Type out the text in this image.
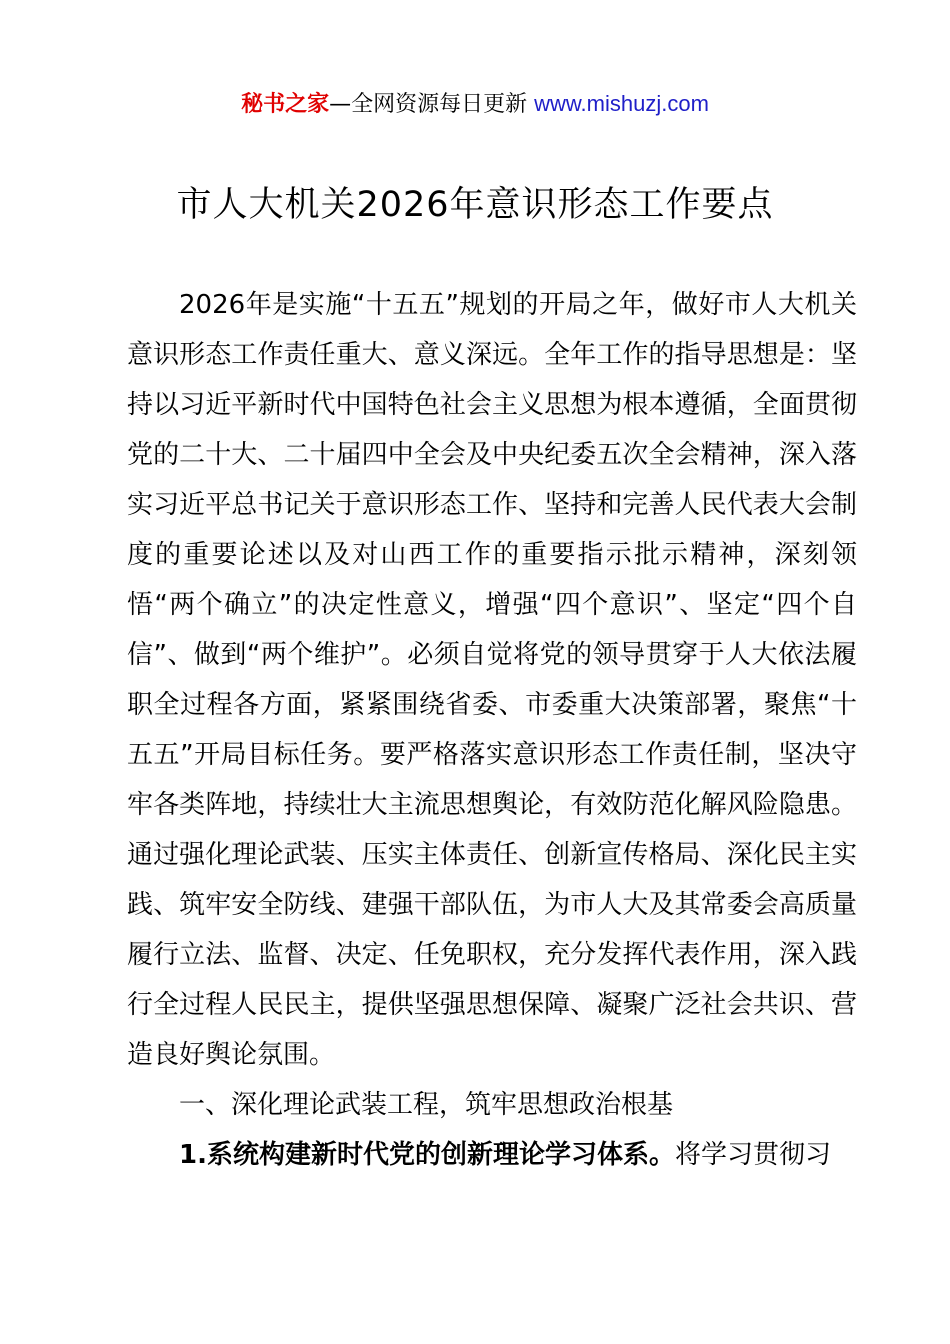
秘书之家—全网资源每日更新 www.mishuzj.com
市人大机关2026年意识形态工作要点

2026年是实施“十五五”规划的开局之年，做好市人大机关意识形态工作责任重大、意义深远。全年工作的指导思想是：坚持以习近平新时代中国特色社会主义思想为根本遵循，全面贯彻党的二十大、二十届四中全会及中央纪委五次全会精神，深入落实习近平总书记关于意识形态工作、坚持和完善人民代表大会制度的重要论述以及对山西工作的重要指示批示精神，深刻领悟“两个确立”的决定性意义，增强“四个意识”、坚定“四个自信”、做到“两个维护”。必须自觉将党的领导贯穿于人大依法履职全过程各方面，紧紧围绕省委、市委重大决策部署，聚焦“十五五”开局目标任务。要严格落实意识形态工作责任制，坚决守牢各类阵地，持续壮大主流思想舆论，有效防范化解风险隐患。通过强化理论武装、压实主体责任、创新宣传格局、深化民主实践、筑牢安全防线、建强干部队伍，为市人大及其常委会高质量履行立法、监督、决定、任免职权，充分发挥代表作用，深入践行全过程人民民主，提供坚强思想保障、凝聚广泛社会共识、营造良好舆论氛围。

一、深化理论武装工程，筑牢思想政治根基

1.系统构建新时代党的创新理论学习体系。将学习贯彻习
